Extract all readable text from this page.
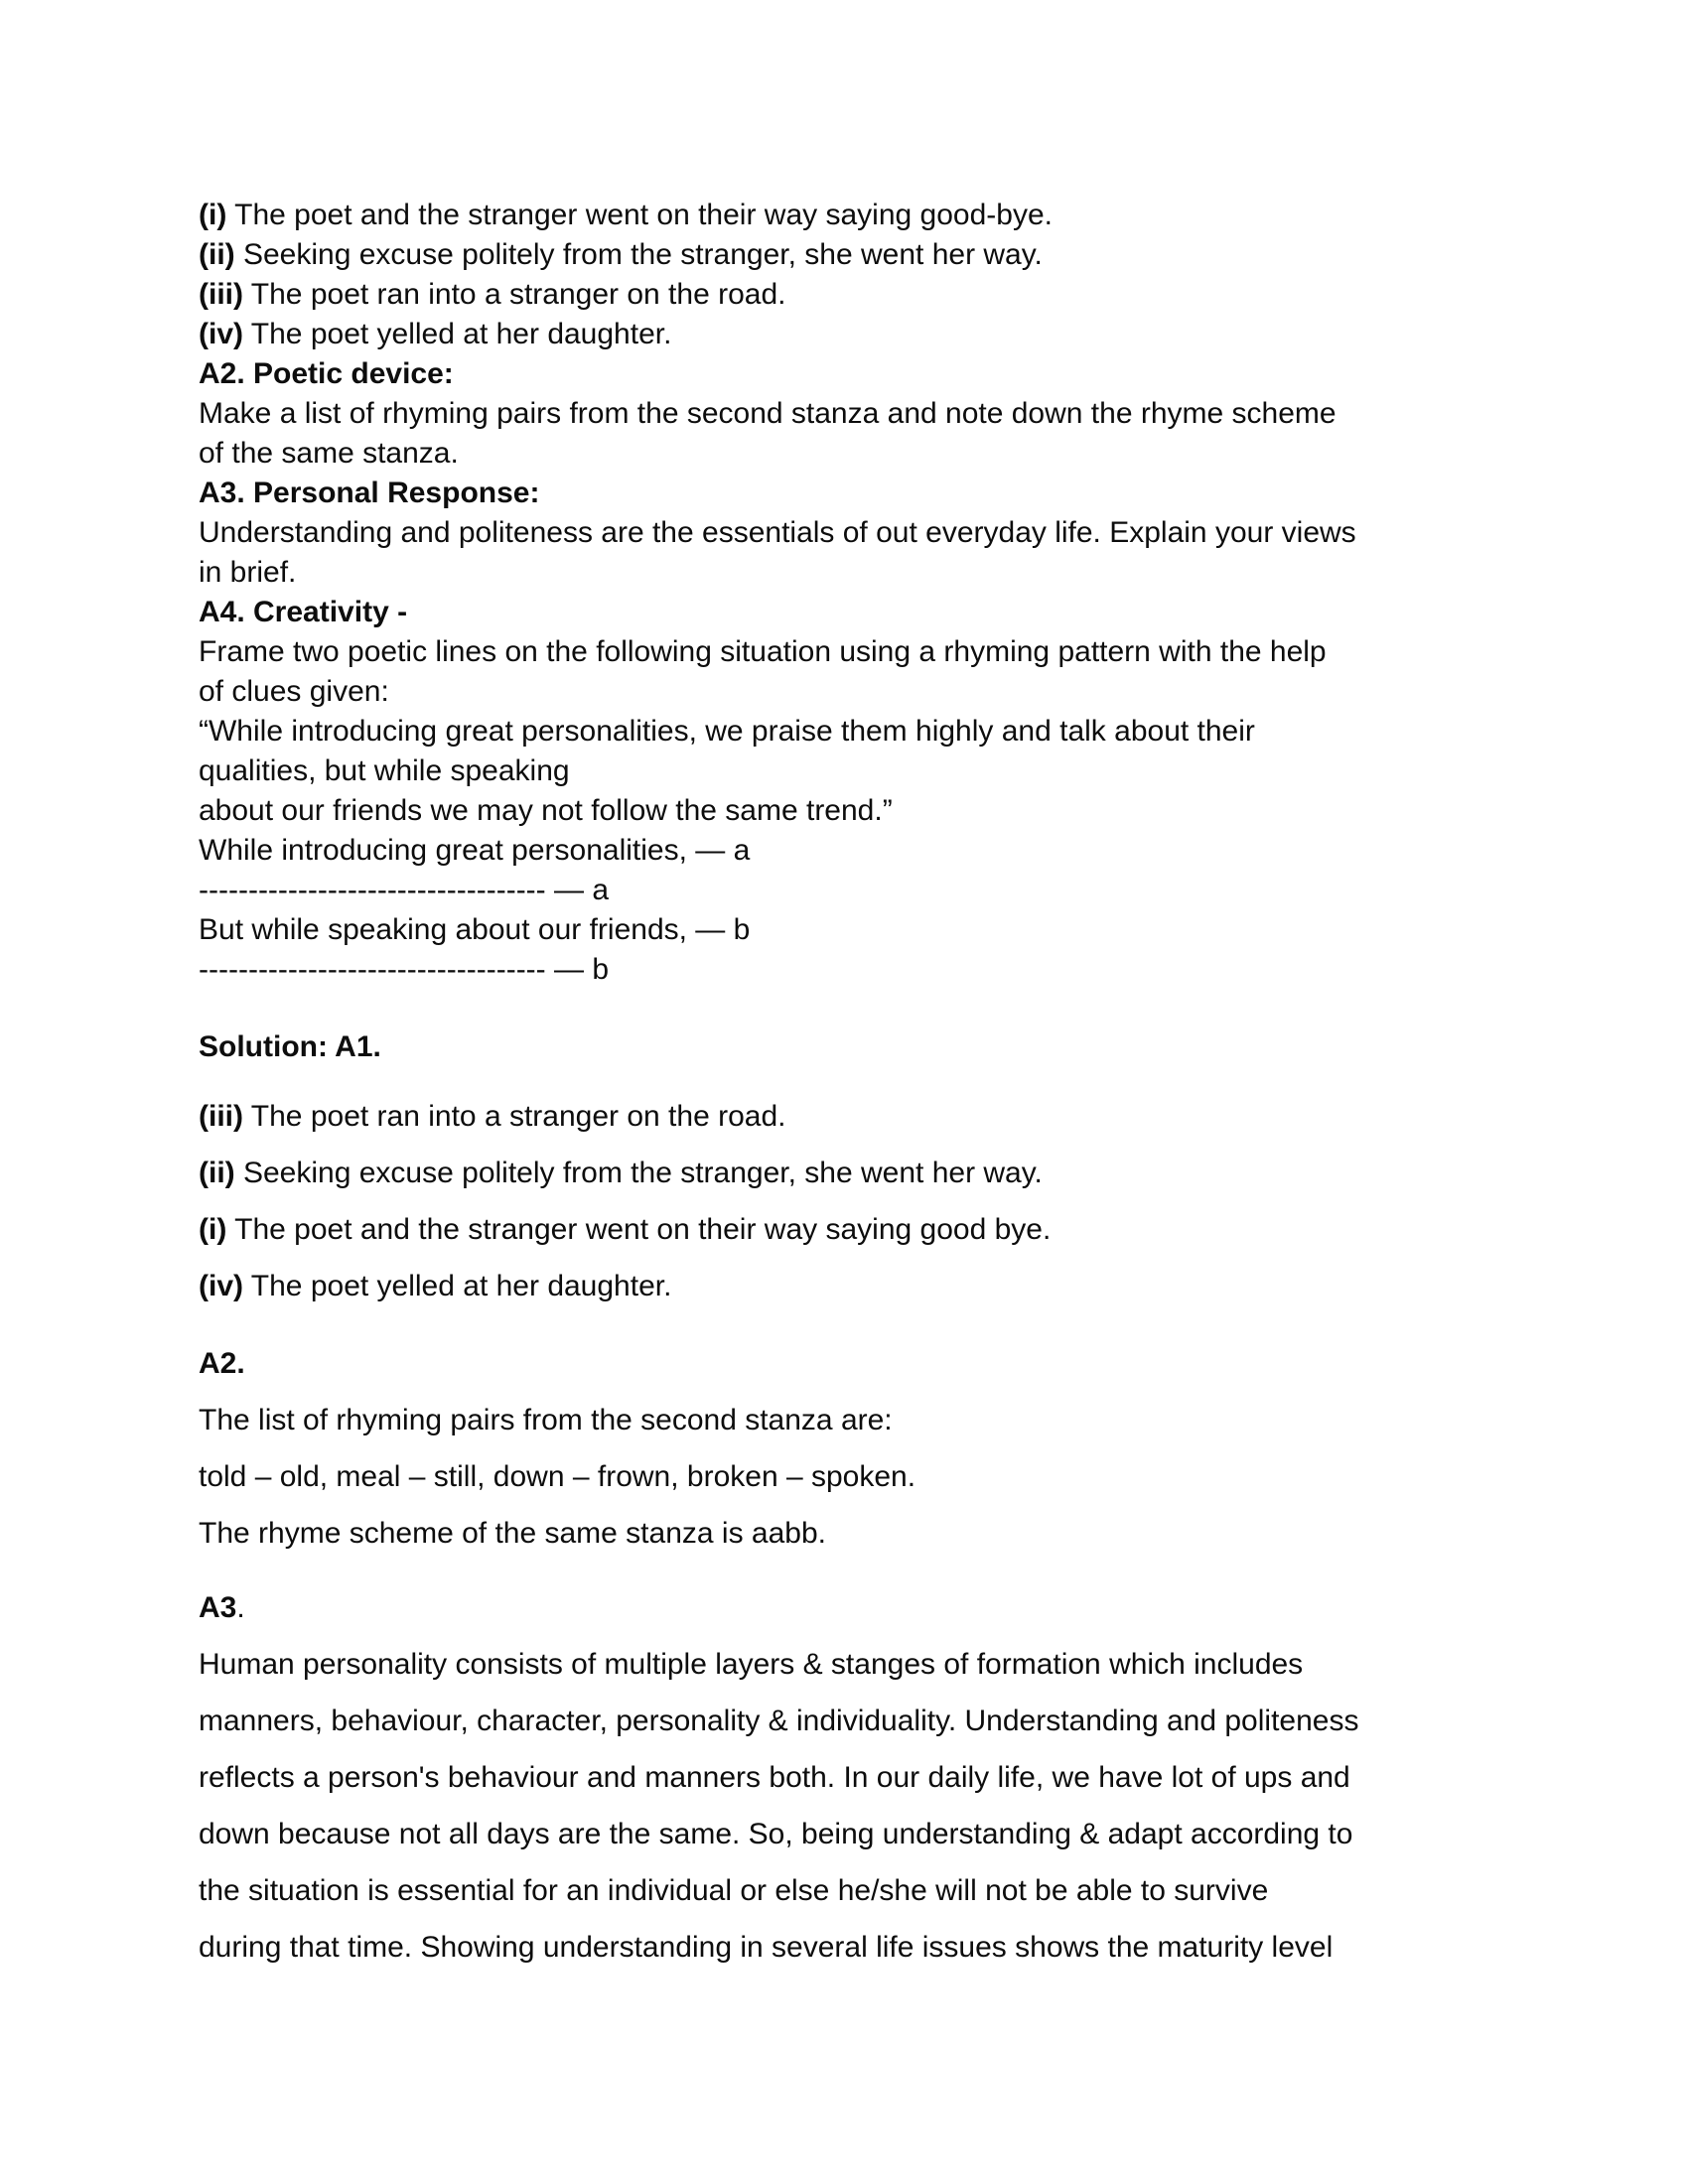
(i) The poet and the stranger went on their way saying good-bye.
(ii) Seeking excuse politely from the stranger, she went her way.
(iii) The poet ran into a stranger on the road.
(iv) The poet yelled at her daughter.
A2. Poetic device:
Make a list of rhyming pairs from the second stanza and note down the rhyme scheme
of the same stanza.
A3. Personal Response:
Understanding and politeness are the essentials of out everyday life. Explain your views
in brief.
A4. Creativity -
Frame two poetic lines on the following situation using a rhyming pattern with the help
of clues given:
“While introducing great personalities, we praise them highly and talk about their
qualities, but while speaking
about our friends we may not follow the same trend.”
While introducing great personalities, — a
----------------------------------- — a
But while speaking about our friends, — b
----------------------------------- — b
Solution: A1.
(iii) The poet ran into a stranger on the road.
(ii) Seeking excuse politely from the stranger, she went her way.
(i) The poet and the stranger went on their way saying good bye.
(iv) The poet yelled at her daughter.
A2.
The list of rhyming pairs from the second stanza are:
told – old, meal – still, down – frown, broken – spoken.
The rhyme scheme of the same stanza is aabb.
A3.
Human personality consists of multiple layers & stanges of formation which includes
manners, behaviour, character, personality & individuality. Understanding and politeness
reflects a person's behaviour and manners both. In our daily life, we have lot of ups and
down because not all days are the same. So, being understanding & adapt according to
the situation is essential for an individual or else he/she will not be able to survive
during that time. Showing understanding in several life issues shows the maturity level
